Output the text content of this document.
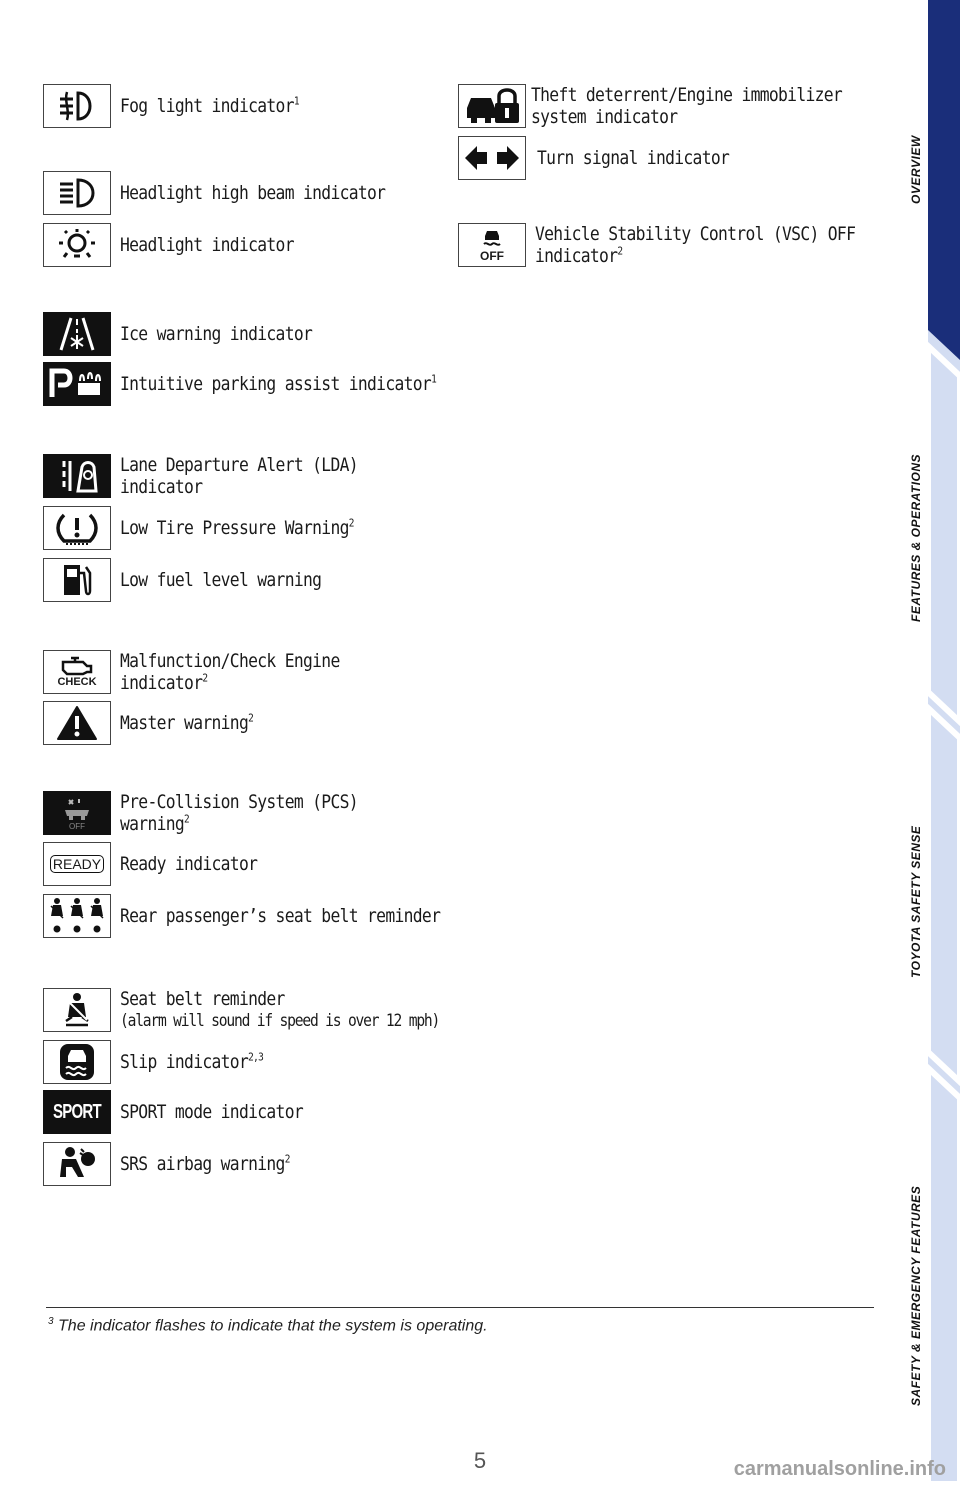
OVERVIEW
FEATURES & OPERATIONS
TOYOTA SAFETY SENSE
SAFETY & EMERGENCY FEATURES
Fog light indicator$^1$
Headlight high beam indicator
Headlight indicator
Ice warning indicator
Intuitive parking assist indicator$^1$
Lane Departure Alert (LDA)
indicator
Low Tire Pressure Warning$^2$
Low fuel level warning
CHECK
Malfunction/Check Engine
indicator$^2$
Master warning$^2$
OFF
Pre-Collision System (PCS)
warning$^2$
READY Ready indicator
Rear passenger’s seat belt reminder
Seat belt reminder
(alarm will sound if speed is over 12 mph)
Slip indicator$^{2,3}$
SPORT SPORT mode indicator
SRS airbag warning$^2$
Theft deterrent/Engine immobilizer
system indicator
Turn signal indicator
OFF
Vehicle Stability Control (VSC) OFF
indicator$^2$
$^3$ The indicator flashes to indicate that the system is operating.
5	carmanualsonline.info
